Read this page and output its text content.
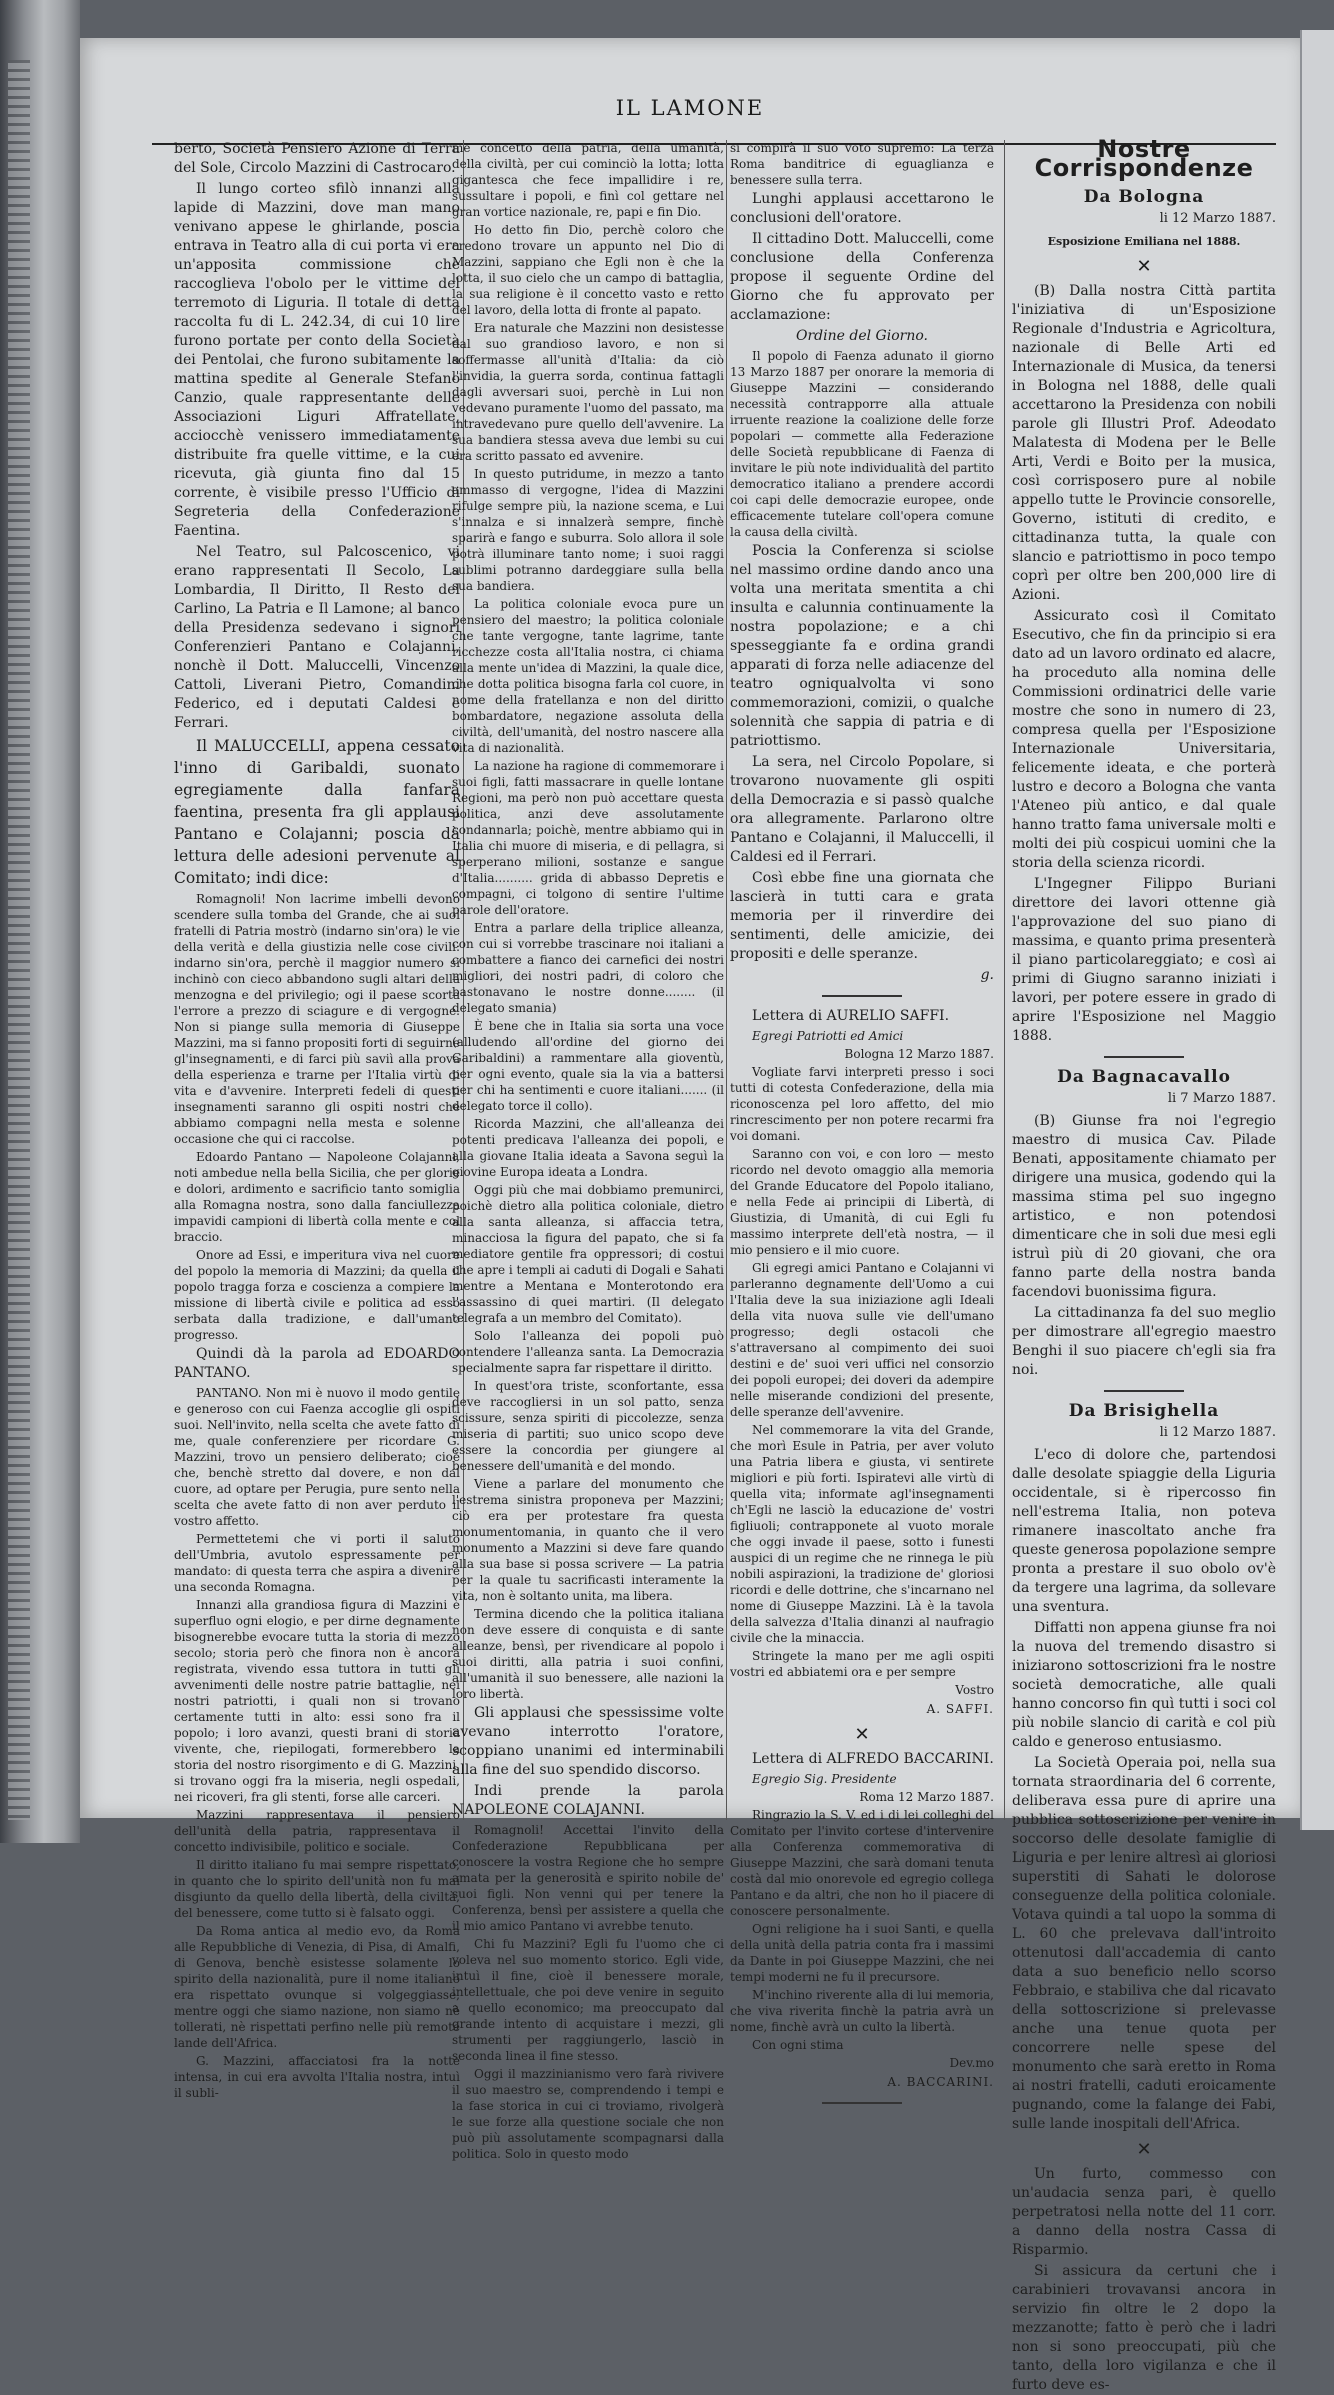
IL LAMONE

berto, Società Pensiero Azione di Terra del Sole, Circolo Mazzini di Castrocaro.

Il lungo corteo sfilò innanzi alla lapide di Mazzini, dove man mano venivano appese le ghirlande, poscia entrava in Teatro alla di cui porta vi era un'apposita commissione che raccoglieva l'obolo per le vittime del terremoto di Liguria. Il totale di detta raccolta fu di L. 242.34, di cui 10 lire furono portate per conto della Società dei Pentolai, che furono subitamente la mattina spedite al Generale Stefano Canzio, quale rappresentante delle Associazioni Liguri Affratellate, acciocchè venissero immediatamente distribuite fra quelle vittime, e la cui ricevuta, già giunta fino dal 15 corrente, è visibile presso l'Ufficio di Segreteria della Confederazione Faentina.

Nel Teatro, sul Palcoscenico, vi erano rappresentati Il Secolo, La Lombardia, Il Diritto, Il Resto del Carlino, La Patria e Il Lamone; al banco della Presidenza sedevano i signori Conferenzieri Pantano e Colajanni, nonchè il Dott. Maluccelli, Vincenzo Cattoli, Liverani Pietro, Comandini Federico, ed i deputati Caldesi e Ferrari.

Il MALUCCELLI, appena cessato l'inno di Garibaldi, suonato egregiamente dalla fanfara faentina, presenta fra gli applausi Pantano e Colajanni; poscia dà lettura delle adesioni pervenute al Comitato; indi dice:

Romagnoli! Non lacrime imbelli devono scendere sulla tomba del Grande, che ai suoi fratelli di Patria mostrò (indarno sin'ora) le vie della verità e della giustizia nelle cose civili: indarno sin'ora, perchè il maggior numero si inchinò con cieco abbandono sugli altari della menzogna e del privilegio; ogi il paese scorta l'errore a prezzo di sciagure e di vergogne. Non si piange sulla memoria di Giuseppe Mazzini, ma si fanno propositi forti di seguirne gl'insegnamenti, e di farci più saviì alla prova della esperienza e trarne per l'Italia virtù di vita e d'avvenire. Interpreti fedeli di questi insegnamenti saranno gli ospiti nostri che abbiamo compagni nella mesta e solenne occasione che qui ci raccolse.

Edoardo Pantano — Napoleone Colajanni, noti ambedue nella bella Sicilia, che per glorie e dolori, ardimento e sacrificio tanto somiglia alla Romagna nostra, sono dalla fanciullezza impavidi campioni di libertà colla mente e col braccio.

Onore ad Essi, e imperitura viva nel cuore del popolo la memoria di Mazzini; da quella il popolo tragga forza e coscienza a compiere la missione di libertà civile e politica ad esso serbata dalla tradizione, e dall'umano progresso.

Quindi dà la parola ad EDOARDO PANTANO.

PANTANO. Non mi è nuovo il modo gentile e generoso con cui Faenza accoglie gli ospiti suoi. Nell'invito, nella scelta che avete fatto di me, quale conferenziere per ricordare G. Mazzini, trovo un pensiero deliberato; cioè che, benchè stretto dal dovere, e non dal cuore, ad optare per Perugia, pure sento nella scelta che avete fatto di non aver perduto il vostro affetto.

Permettetemi che vi porti il saluto dell'Umbria, avutolo espressamente per mandato: di questa terra che aspira a divenire una seconda Romagna.

Innanzi alla grandiosa figura di Mazzini è superfluo ogni elogio, e per dirne degnamente bisognerebbe evocare tutta la storia di mezzo secolo; storia però che finora non è ancora registrata, vivendo essa tuttora in tutti gli avvenimenti delle nostre patrie battaglie, nei nostri patriotti, i quali non si trovano certamente tutti in alto: essi sono fra il popolo; i loro avanzi, questi brani di storia vivente, che, riepilogati, formerebbero la storia del nostro risorgimento e di G. Mazzini, si trovano oggi fra la miseria, negli ospedali, nei ricoveri, fra gli stenti, forse alle carceri.

Mazzini rappresentava il pensiero dell'unità della patria, rappresentava il concetto indivisibile, politico e sociale.

Il diritto italiano fu mai sempre rispettato, in quanto che lo spirito dell'unità non fu mai disgiunto da quello della libertà, della civiltà, del benessere, come tutto si è falsato oggi.

Da Roma antica al medio evo, da Roma alle Repubbliche di Venezia, di Pisa, di Amalfi, di Genova, benchè esistesse solamente lo spirito della nazionalità, pure il nome italiano era rispettato ovunque si volgeggiasse, mentre oggi che siamo nazione, non siamo nè tollerati, nè rispettati perfino nelle più remote lande dell'Africa.

G. Mazzini, affacciatosi fra la notte intensa, in cui era avvolta l'Italia nostra, intuì il subli-

me concetto della patria, della umanità, della civiltà, per cui cominciò la lotta; lotta gigantesca che fece impallidire i re, sussultare i popoli, e finì col gettare nel gran vortice nazionale, re, papi e fin Dio.

Ho detto fin Dio, perchè coloro che credono trovare un appunto nel Dio di Mazzini, sappiano che Egli non è che la lotta, il suo cielo che un campo di battaglia, la sua religione è il concetto vasto e retto del lavoro, della lotta di fronte al papato.

Era naturale che Mazzini non desistesse dal suo grandioso lavoro, e non si soffermasse all'unità d'Italia: da ciò l'invidia, la guerra sorda, continua fattagli dagli avversari suoi, perchè in Lui non vedevano puramente l'uomo del passato, ma intravedevano pure quello dell'avvenire. La sua bandiera stessa aveva due lembi su cui era scritto passato ed avvenire.

In questo putridume, in mezzo a tanto ammasso di vergogne, l'idea di Mazzini rifulge sempre più, la nazione scema, e Lui s'innalza e si innalzerà sempre, finchè sparirà e fango e suburra. Solo allora il sole potrà illuminare tanto nome; i suoi raggi sublimi potranno dardeggiare sulla bella sua bandiera.

La politica coloniale evoca pure un pensiero del maestro; la politica coloniale che tante vergogne, tante lagrime, tante ricchezze costa all'Italia nostra, ci chiama alla mente un'idea di Mazzini, la quale dice, che dotta politica bisogna farla col cuore, in nome della fratellanza e non del diritto bombardatore, negazione assoluta della civiltà, dell'umanità, del nostro nascere alla vita di nazionalità.

La nazione ha ragione di commemorare i suoi figli, fatti massacrare in quelle lontane Regioni, ma però non può accettare questa politica, anzi deve assolutamente condannarla; poichè, mentre abbiamo qui in Italia chi muore di miseria, e di pellagra, si sperperano milioni, sostanze e sangue d'Italia.......... grida di abbasso Depretis e compagni, ci tolgono di sentire l'ultime parole dell'oratore.

Entra a parlare della triplice alleanza, con cui si vorrebbe trascinare noi italiani a combattere a fianco dei carnefici dei nostri migliori, dei nostri padri, di coloro che bastonavano le nostre donne........ (il delegato smania)

È bene che in Italia sia sorta una voce (alludendo all'ordine del giorno dei Garibaldini) a rammentare alla gioventù, per ogni evento, quale sia la via a battersi per chi ha sentimenti e cuore italiani....... (il delegato torce il collo).

Ricorda Mazzini, che all'alleanza dei potenti predicava l'alleanza dei popoli, e alla giovane Italia ideata a Savona seguì la giovine Europa ideata a Londra.

Oggi più che mai dobbiamo premunirci, poichè dietro alla politica coloniale, dietro alla santa alleanza, si affaccia tetra, minacciosa la figura del papato, che si fa mediatore gentile fra oppressori; di costui che apre i templi ai caduti di Dogali e Sahati mentre a Mentana e Monterotondo era l'assassino di quei martiri. (Il delegato telegrafa a un membro del Comitato).

Solo l'alleanza dei popoli può contendere l'alleanza santa. La Democrazia specialmente sapra far rispettare il diritto.

In quest'ora triste, sconfortante, essa deve raccogliersi in un sol patto, senza scissure, senza spiriti di piccolezze, senza miseria di partiti; suo unico scopo deve essere la concordia per giungere al benessere dell'umanità e del mondo.

Viene a parlare del monumento che l'estrema sinistra proponeva per Mazzini; ciò era per protestare fra questa monumentomania, in quanto che il vero monumento a Mazzini si deve fare quando alla sua base si possa scrivere — La patria per la quale tu sacrificasti interamente la vita, non è soltanto unita, ma libera.

Termina dicendo che la politica italiana non deve essere di conquista e di sante alleanze, bensì, per rivendicare al popolo i suoi diritti, alla patria i suoi confini, all'umanità il suo benessere, alle nazioni la loro libertà.

Gli applausi che spessissime volte avevano interrotto l'oratore, scoppiano unanimi ed interminabili alla fine del suo spendido discorso.

Indi prende la parola NAPOLEONE COLAJANNI.

Romagnoli! Accettai l'invito della Confederazione Repubblicana per conoscere la vostra Regione che ho sempre amata per la generosità e spirito nobile de' suoi figli. Non venni qui per tenere la Conferenza, bensì per assistere a quella che il mio amico Pantano vi avrebbe tenuto.

Chi fu Mazzini? Egli fu l'uomo che ci voleva nel suo momento storico. Egli vide, intuì il fine, cioè il benessere morale, intellettuale, che poi deve venire in seguito a quello economico; ma preoccupato dal grande intento di acquistare i mezzi, gli strumenti per raggiungerlo, lasciò in seconda linea il fine stesso.

Oggi il mazzinianismo vero farà rivivere il suo maestro se, comprendendo i tempi e la fase storica in cui ci troviamo, rivolgerà le sue forze alla questione sociale che non può più assolutamente scompagnarsi dalla politica. Solo in questo modo

si compirà il suo voto supremo: La terza Roma banditrice di eguaglianza e benessere sulla terra.

Lunghi applausi accettarono le conclusioni dell'oratore.

Il cittadino Dott. Maluccelli, come conclusione della Conferenza propose il seguente Ordine del Giorno che fu approvato per acclamazione:

Ordine del Giorno.

Il popolo di Faenza adunato il giorno 13 Marzo 1887 per onorare la memoria di Giuseppe Mazzini — considerando necessità contrapporre alla attuale irruente reazione la coalizione delle forze popolari — commette alla Federazione delle Società repubblicane di Faenza di invitare le più note individualità del partito democratico italiano a prendere accordi coi capi delle democrazie europee, onde efficacemente tutelare coll'opera comune la causa della civiltà.

Poscia la Conferenza si sciolse nel massimo ordine dando anco una volta una meritata smentita a chi insulta e calunnia continuamente la nostra popolazione; e a chi spesseggiante fa e ordina grandi apparati di forza nelle adiacenze del teatro ogniqualvolta vi sono commemorazioni, comizii, o qualche solennità che sappia di patria e di patriottismo.

La sera, nel Circolo Popolare, si trovarono nuovamente gli ospiti della Democrazia e si passò qualche ora allegramente. Parlarono oltre Pantano e Colajanni, il Maluccelli, il Caldesi ed il Ferrari.

Così ebbe fine una giornata che lascierà in tutti cara e grata memoria per il rinverdire dei sentimenti, delle amicizie, dei propositi e delle speranze.

g.

Lettera di AURELIO SAFFI.

Egregi Patriotti ed Amici

Bologna 12 Marzo 1887.

Vogliate farvi interpreti presso i soci tutti di cotesta Confederazione, della mia riconoscenza pel loro affetto, del mio rincrescimento per non potere recarmi fra voi domani.

Saranno con voi, e con loro — mesto ricordo nel devoto omaggio alla memoria del Grande Educatore del Popolo italiano, e nella Fede ai principii di Libertà, di Giustizia, di Umanità, di cui Egli fu massimo interprete dell'età nostra, — il mio pensiero e il mio cuore.

Gli egregi amici Pantano e Colajanni vi parleranno degnamente dell'Uomo a cui l'Italia deve la sua iniziazione agli Ideali della vita nuova sulle vie dell'umano progresso; degli ostacoli che s'attraversano al compimento dei suoi destini e de' suoi veri uffici nel consorzio dei popoli europei; dei doveri da adempire nelle miserande condizioni del presente, delle speranze dell'avvenire.

Nel commemorare la vita del Grande, che morì Esule in Patria, per aver voluto una Patria libera e giusta, vi sentirete migliori e più forti. Ispiratevi alle virtù di quella vita; informate agl'insegnamenti ch'Egli ne lasciò la educazione de' vostri figliuoli; contrapponete al vuoto morale che oggi invade il paese, sotto i funesti auspici di un regime che ne rinnega le più nobili aspirazioni, la tradizione de' gloriosi ricordi e delle dottrine, che s'incarnano nel nome di Giuseppe Mazzini. Là è la tavola della salvezza d'Italia dinanzi al naufragio civile che la minaccia.

Stringete la mano per me agli ospiti vostri ed abbiatemi ora e per sempre

Vostro

A. SAFFI.

✕

Lettera di ALFREDO BACCARINI.

Egregio Sig. Presidente

Roma 12 Marzo 1887.

Ringrazio la S. V. ed i di lei colleghi del Comitato per l'invito cortese d'intervenire alla Conferenza commemorativa di Giuseppe Mazzini, che sarà domani tenuta costà dal mio onorevole ed egregio collega Pantano e da altri, che non ho il piacere di conoscere personalmente.

Ogni religione ha i suoi Santi, e quella della unità della patria conta fra i massimi da Dante in poi Giuseppe Mazzini, che nei tempi moderni ne fu il precursore.

M'inchino riverente alla di lui memoria, che viva riverita finchè la patria avrà un nome, finchè avrà un culto la libertà.

Con ogni stima

Dev.mo

A. BACCARINI.

Nostre Corrispondenze
Da Bologna
li 12 Marzo 1887.
Esposizione Emiliana nel 1888.
✕

(B) Dalla nostra Città partita l'iniziativa di un'Esposizione Regionale d'Industria e Agricoltura, nazionale di Belle Arti ed Internazionale di Musica, da tenersi in Bologna nel 1888, delle quali accettarono la Presidenza con nobili parole gli Illustri Prof. Adeodato Malatesta di Modena per le Belle Arti, Verdi e Boito per la musica, così corrisposero pure al nobile appello tutte le Provincie consorelle, Governo, istituti di credito, e cittadinanza tutta, la quale con slancio e patriottismo in poco tempo coprì per oltre ben 200,000 lire di Azioni.

Assicurato così il Comitato Esecutivo, che fin da principio si era dato ad un lavoro ordinato ed alacre, ha proceduto alla nomina delle Commissioni ordinatrici delle varie mostre che sono in numero di 23, compresa quella per l'Esposizione Internazionale Universitaria, felicemente ideata, e che porterà lustro e decoro a Bologna che vanta l'Ateneo più antico, e dal quale hanno tratto fama universale molti e molti dei più cospicui uomini che la storia della scienza ricordi.

L'Ingegner Filippo Buriani direttore dei lavori ottenne già l'approvazione del suo piano di massima, e quanto prima presenterà il piano particolareggiato; e così ai primi di Giugno saranno iniziati i lavori, per potere essere in grado di aprire l'Esposizione nel Maggio 1888.

Da Bagnacavallo
li 7 Marzo 1887.

(B) Giunse fra noi l'egregio maestro di musica Cav. Pilade Benati, appositamente chiamato per dirigere una musica, godendo qui la massima stima pel suo ingegno artistico, e non potendosi dimenticare che in soli due mesi egli istruì più di 20 giovani, che ora fanno parte della nostra banda facendovi buonissima figura.

La cittadinanza fa del suo meglio per dimostrare all'egregio maestro Benghi il suo piacere ch'egli sia fra noi.

Da Brisighella
li 12 Marzo 1887.

L'eco di dolore che, partendosi dalle desolate spiaggie della Liguria occidentale, si è ripercosso fin nell'estrema Italia, non poteva rimanere inascoltato anche fra queste generosa popolazione sempre pronta a prestare il suo obolo ov'è da tergere una lagrima, da sollevare una sventura.

Diffatti non appena giunse fra noi la nuova del tremendo disastro si iniziarono sottoscrizioni fra le nostre società democratiche, alle quali hanno concorso fin quì tutti i soci col più nobile slancio di carità e col più caldo e generoso entusiasmo.

La Società Operaia poi, nella sua tornata straordinaria del 6 corrente, deliberava essa pure di aprire una pubblica sottoscrizione per venire in soccorso delle desolate famiglie di Liguria e per lenire altresì ai gloriosi superstiti di Sahati le dolorose conseguenze della politica coloniale. Votava quindi a tal uopo la somma di L. 60 che prelevava dall'introito ottenutosi dall'accademia di canto data a suo beneficio nello scorso Febbraio, e stabiliva che dal ricavato della sottoscrizione si prelevasse anche una tenue quota per concorrere nelle spese del monumento che sarà eretto in Roma ai nostri fratelli, caduti eroicamente pugnando, come la falange dei Fabi, sulle lande inospitali dell'Africa.

✕

Un furto, commesso con un'audacia senza pari, è quello perpetratosi nella notte del 11 corr. a danno della nostra Cassa di Risparmio.

Si assicura da certuni che i carabinieri trovavansi ancora in servizio fin oltre le 2 dopo la mezzanotte; fatto è però che i ladri non si sono preoccupati, più che tanto, della loro vigilanza e che il furto deve es-
